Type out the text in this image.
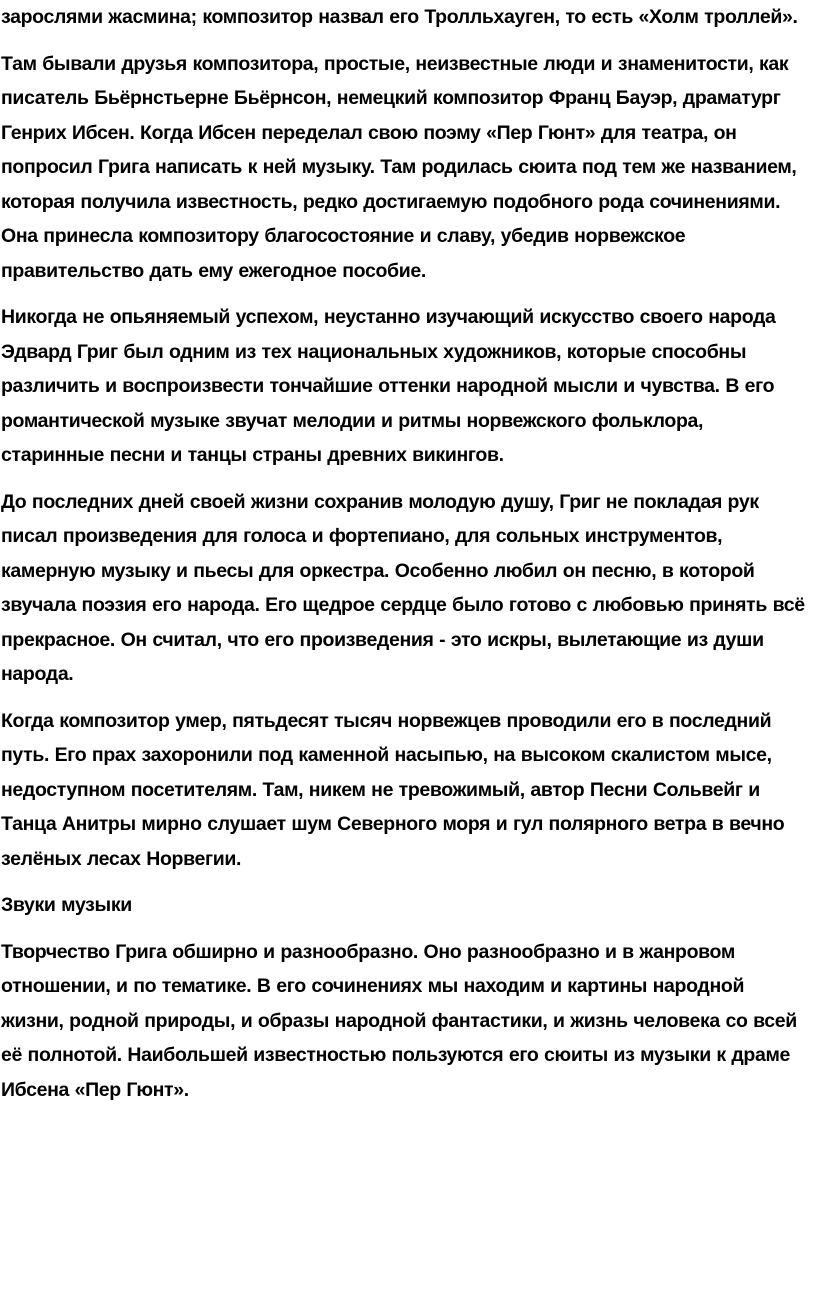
зарослями жасмина; композитор назвал его Тролльхауген, то есть «Холм троллей».

Там бывали друзья композитора, простые, неизвестные люди и знаменитости, как писатель Бьёрнстьерне Бьёрнсон, немецкий композитор Франц Бауэр, драматург Генрих Ибсен. Когда Ибсен переделал свою поэму «Пер Гюнт» для театра, он попросил Грига написать к ней музыку. Там родилась сюита под тем же названием, которая получила известность, редко достигаемую подобного рода сочинениями. Она принесла композитору благосостояние и славу, убедив норвежское правительство дать ему ежегодное пособие.

Никогда не опьяняемый успехом, неустанно изучающий искусство своего народа Эдвард Григ был одним из тех национальных художников, которые способны различить и воспроизвести тончайшие оттенки народной мысли и чувства. В его романтической музыке звучат мелодии и ритмы норвежского фольклора, старинные песни и танцы страны древних викингов.

До последних дней своей жизни сохранив молодую душу, Григ не покладая рук писал произведения для голоса и фортепиано, для сольных инструментов, камерную музыку и пьесы для оркестра. Особенно любил он песню, в которой звучала поэзия его народа. Его щедрое сердце было готово с любовью принять всё прекрасное. Он считал, что его произведения - это искры, вылетающие из души народа.

Когда композитор умер, пятьдесят тысяч норвежцев проводили его в последний путь. Его прах захоронили под каменной насыпью, на высоком скалистом мысе, недоступном посетителям. Там, никем не тревожимый, автор Песни Сольвейг и Танца Анитры мирно слушает шум Северного моря и гул полярного ветра в вечно зелёных лесах Норвегии.

Звуки музыки

Творчество Грига обширно и разнообразно. Оно разнообразно и в жанровом отношении, и по тематике. В его сочинениях мы находим и картины народной жизни, родной природы, и образы народной фантастики, и жизнь человека со всей её полнотой. Наибольшей известностью пользуются его сюиты из музыки к драме Ибсена «Пер Гюнт».
